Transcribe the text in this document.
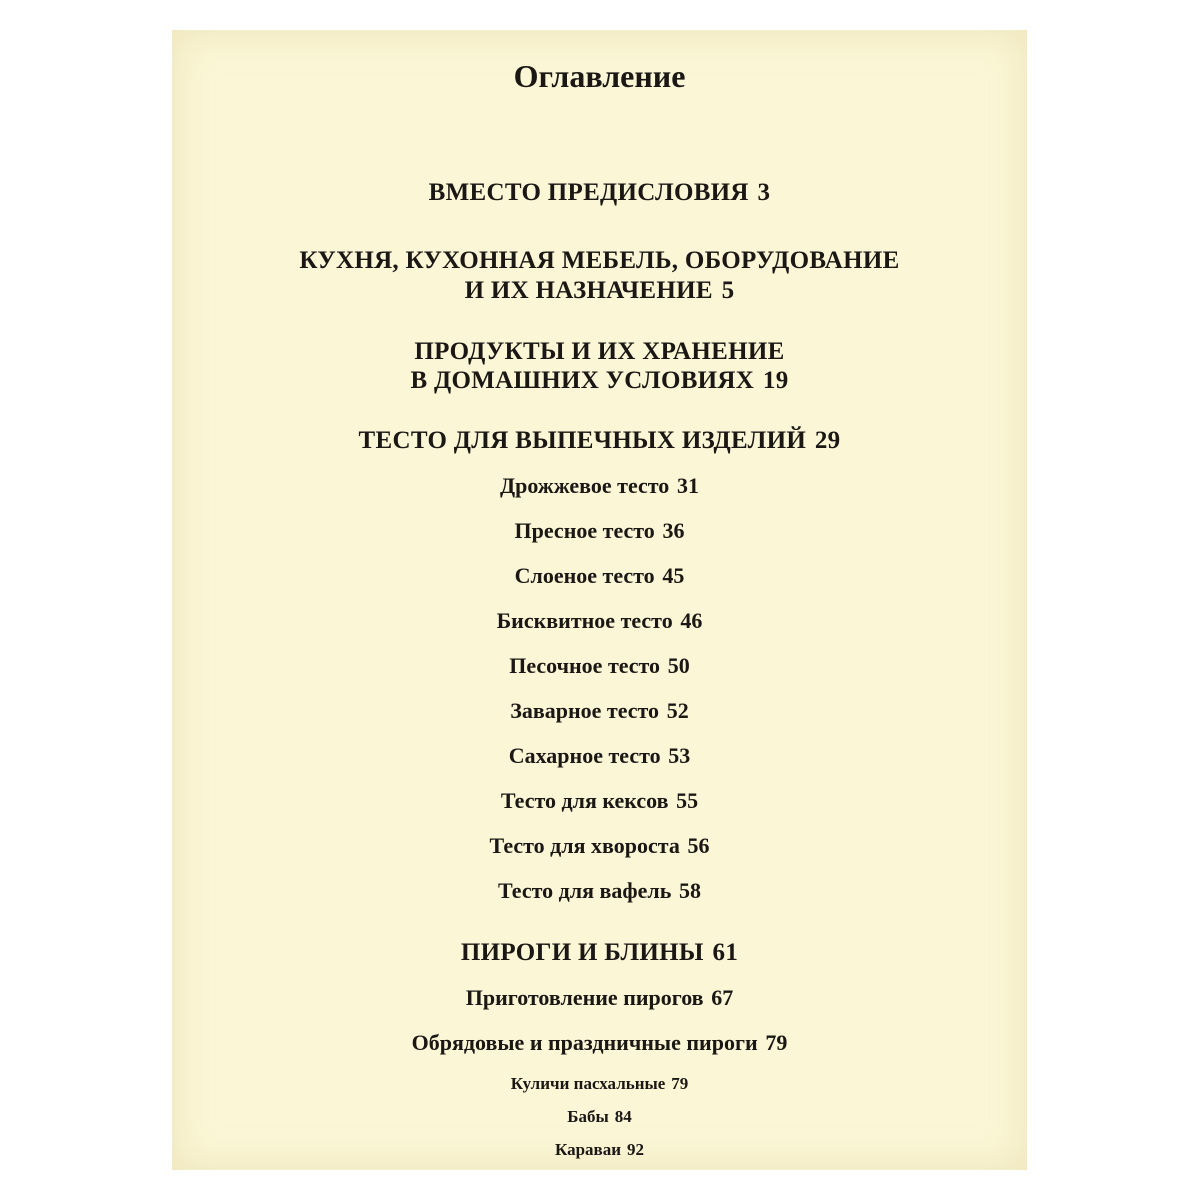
Оглавление
ВМЕСТО ПРЕДИСЛОВИЯ 3
КУХНЯ, КУХОННАЯ МЕБЕЛЬ, ОБОРУДОВАНИЕ
И ИХ НАЗНАЧЕНИЕ 5
ПРОДУКТЫ И ИХ ХРАНЕНИЕ
В ДОМАШНИХ УСЛОВИЯХ 19
ТЕСТО ДЛЯ ВЫПЕЧНЫХ ИЗДЕЛИЙ 29
Дрожжевое тесто 31
Пресное тесто 36
Слоеное тесто 45
Бисквитное тесто 46
Песочное тесто 50
Заварное тесто 52
Сахарное тесто 53
Тесто для кексов 55
Тесто для хвороста 56
Тесто для вафель 58
ПИРОГИ И БЛИНЫ 61
Приготовление пирогов 67
Обрядовые и праздничные пироги 79
Куличи пасхальные 79
Бабы 84
Караваи 92
